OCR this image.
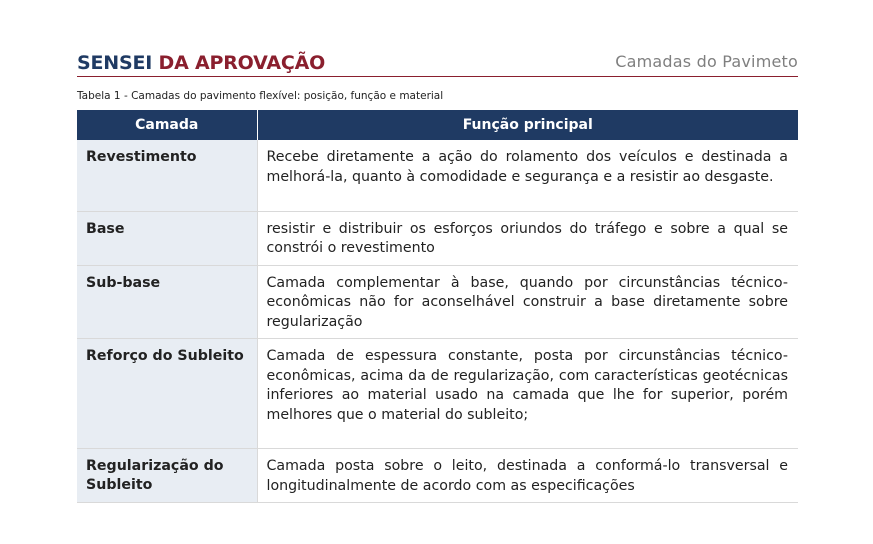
SENSEI DA APROVAÇÃO	Camadas do Pavimeto
Tabela 1 - Camadas do pavimento flexível: posição, função e material
Camada	Função principal
Revestimento	Recebe diretamente a ação do rolamento dos veículos e destinada a melhorá-la, quanto à comodidade e segurança e a resistir ao desgaste.
Base	resistir e distribuir os esforços oriundos do tráfego e sobre a qual se constrói o revestimento
Sub-base	Camada complementar à base, quando por circunstâncias técnico-econômicas não for aconselhável construir a base diretamente sobre regularização
Reforço do Subleito	Camada de espessura constante, posta por circunstâncias técnico-econômicas, acima da de regularização, com características geotécnicas inferiores ao material usado na camada que lhe for superior, porém melhores que o material do subleito;
Regularização do Subleito	Camada posta sobre o leito, destinada a conformá-lo transversal e longitudinalmente de acordo com as especificações
